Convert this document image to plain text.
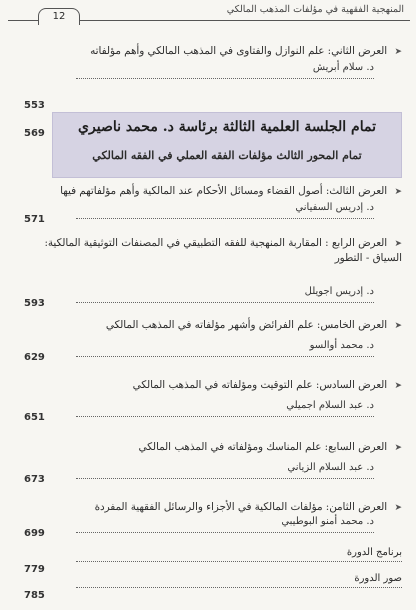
12
المنهجية الفقهية في مؤلفات المذهب المالكي
➤ العرض الثاني: علم النوازل والفتاوى في المذهب المالكي وأهم مؤلفاته
د. سلام أبريش
553
تمام الجلسة العلمية الثالثة برئاسة د. محمد ناصيري
تمام المحور الثالث مؤلفات الفقه العملي في الفقه المالكي
569
➤ العرض الثالث: أصول القضاء ومسائل الأحكام عند المالكية وأهم مؤلفاتهم فيها
د. إدريس السفياني
571
➤ العرض الرابع : المقاربة المنهجية للفقه التطبيقي في المصنفات التوثيقية المالكية: السياق - التطور
د. إدريس اجويلل
593
➤ العرض الخامس: علم الفرائض وأشهر مؤلفاته في المذهب المالكي
د. محمد أوالسو
629
➤ العرض السادس: علم التوقيت ومؤلفاته في المذهب المالكي
د. عبد السلام اجميلي
651
➤ العرض السابع: علم المناسك ومؤلفاته في المذهب المالكي
د. عبد السلام الزياني
673
➤ العرض الثامن: مؤلفات المالكية في الأجزاء والرسائل الفقهية المفردة
د. محمد أمنو البوطيبي
699
برنامج الدورة
779
صور الدورة
785
